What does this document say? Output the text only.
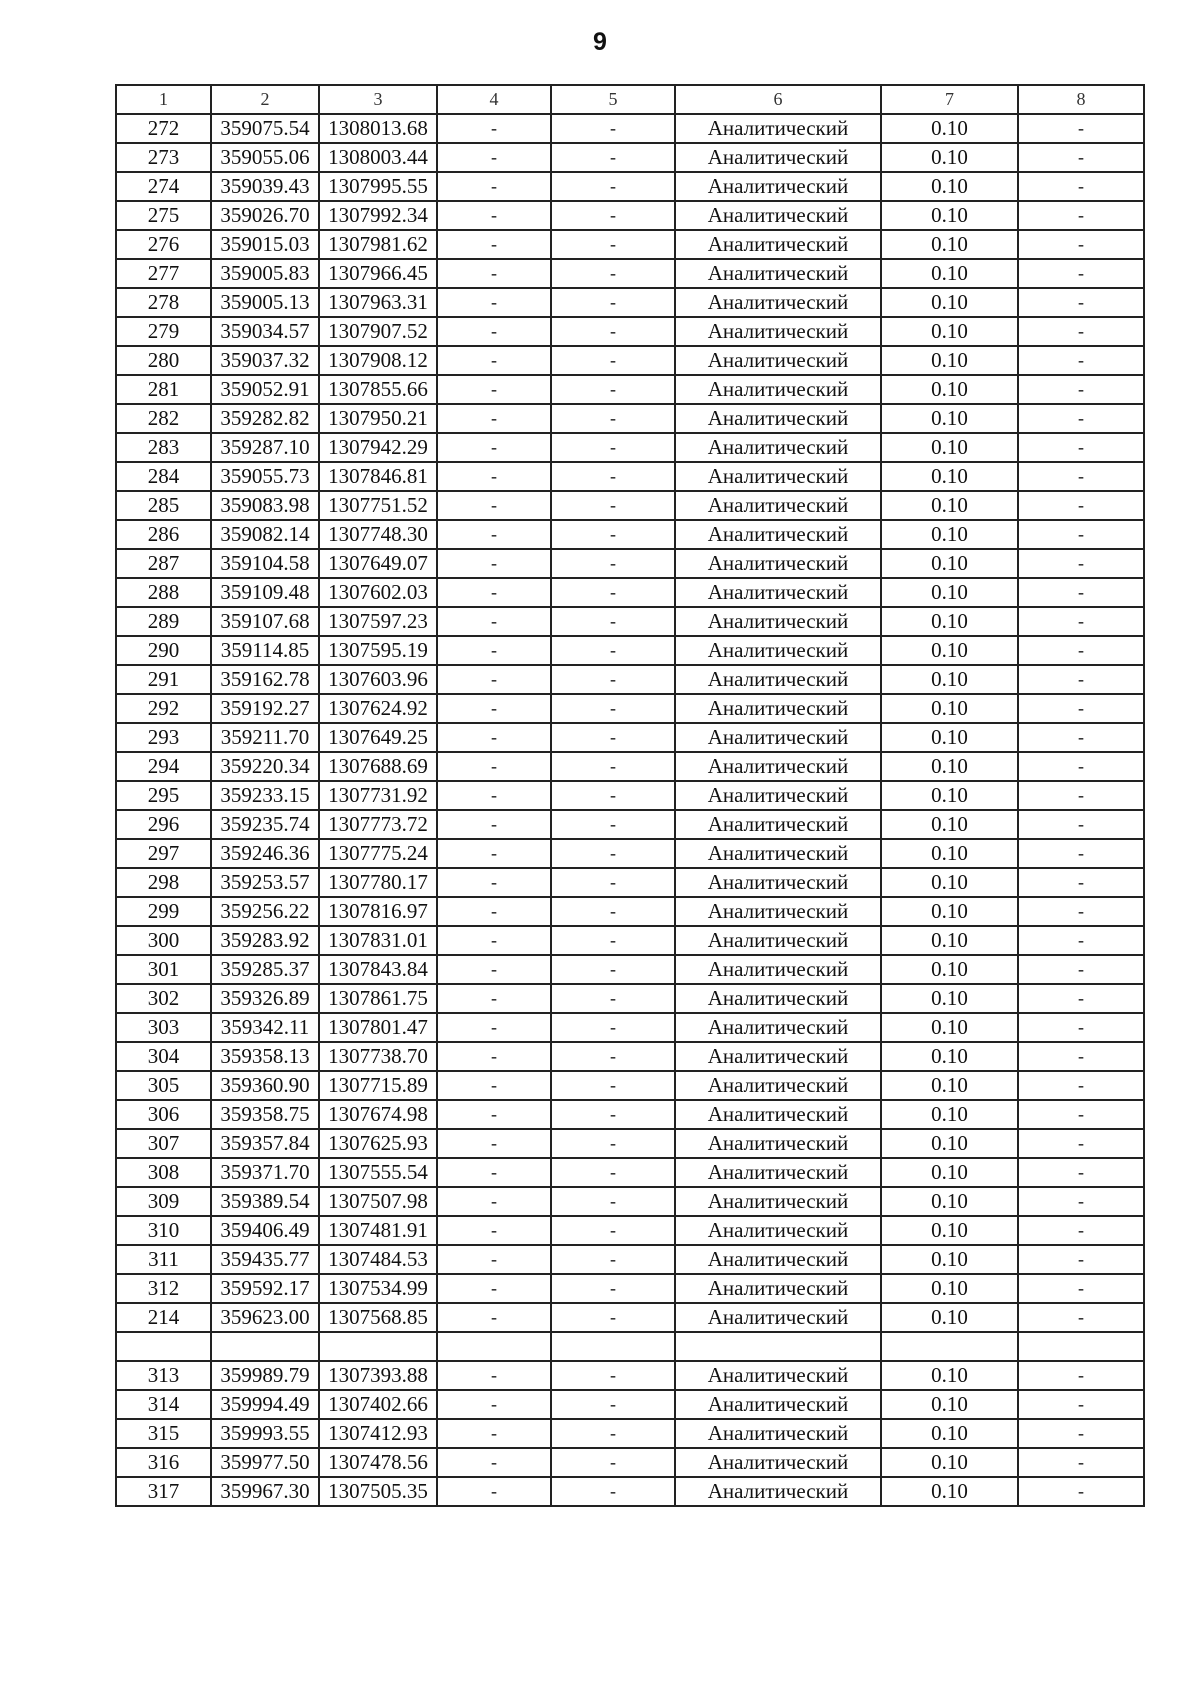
9
1	2	3	4	5	6	7	8
272	359075.54	1308013.68	-	-	Аналитический	0.10	-
273	359055.06	1308003.44	-	-	Аналитический	0.10	-
274	359039.43	1307995.55	-	-	Аналитический	0.10	-
275	359026.70	1307992.34	-	-	Аналитический	0.10	-
276	359015.03	1307981.62	-	-	Аналитический	0.10	-
277	359005.83	1307966.45	-	-	Аналитический	0.10	-
278	359005.13	1307963.31	-	-	Аналитический	0.10	-
279	359034.57	1307907.52	-	-	Аналитический	0.10	-
280	359037.32	1307908.12	-	-	Аналитический	0.10	-
281	359052.91	1307855.66	-	-	Аналитический	0.10	-
282	359282.82	1307950.21	-	-	Аналитический	0.10	-
283	359287.10	1307942.29	-	-	Аналитический	0.10	-
284	359055.73	1307846.81	-	-	Аналитический	0.10	-
285	359083.98	1307751.52	-	-	Аналитический	0.10	-
286	359082.14	1307748.30	-	-	Аналитический	0.10	-
287	359104.58	1307649.07	-	-	Аналитический	0.10	-
288	359109.48	1307602.03	-	-	Аналитический	0.10	-
289	359107.68	1307597.23	-	-	Аналитический	0.10	-
290	359114.85	1307595.19	-	-	Аналитический	0.10	-
291	359162.78	1307603.96	-	-	Аналитический	0.10	-
292	359192.27	1307624.92	-	-	Аналитический	0.10	-
293	359211.70	1307649.25	-	-	Аналитический	0.10	-
294	359220.34	1307688.69	-	-	Аналитический	0.10	-
295	359233.15	1307731.92	-	-	Аналитический	0.10	-
296	359235.74	1307773.72	-	-	Аналитический	0.10	-
297	359246.36	1307775.24	-	-	Аналитический	0.10	-
298	359253.57	1307780.17	-	-	Аналитический	0.10	-
299	359256.22	1307816.97	-	-	Аналитический	0.10	-
300	359283.92	1307831.01	-	-	Аналитический	0.10	-
301	359285.37	1307843.84	-	-	Аналитический	0.10	-
302	359326.89	1307861.75	-	-	Аналитический	0.10	-
303	359342.11	1307801.47	-	-	Аналитический	0.10	-
304	359358.13	1307738.70	-	-	Аналитический	0.10	-
305	359360.90	1307715.89	-	-	Аналитический	0.10	-
306	359358.75	1307674.98	-	-	Аналитический	0.10	-
307	359357.84	1307625.93	-	-	Аналитический	0.10	-
308	359371.70	1307555.54	-	-	Аналитический	0.10	-
309	359389.54	1307507.98	-	-	Аналитический	0.10	-
310	359406.49	1307481.91	-	-	Аналитический	0.10	-
311	359435.77	1307484.53	-	-	Аналитический	0.10	-
312	359592.17	1307534.99	-	-	Аналитический	0.10	-
214	359623.00	1307568.85	-	-	Аналитический	0.10	-

313	359989.79	1307393.88	-	-	Аналитический	0.10	-
314	359994.49	1307402.66	-	-	Аналитический	0.10	-
315	359993.55	1307412.93	-	-	Аналитический	0.10	-
316	359977.50	1307478.56	-	-	Аналитический	0.10	-
317	359967.30	1307505.35	-	-	Аналитический	0.10	-
